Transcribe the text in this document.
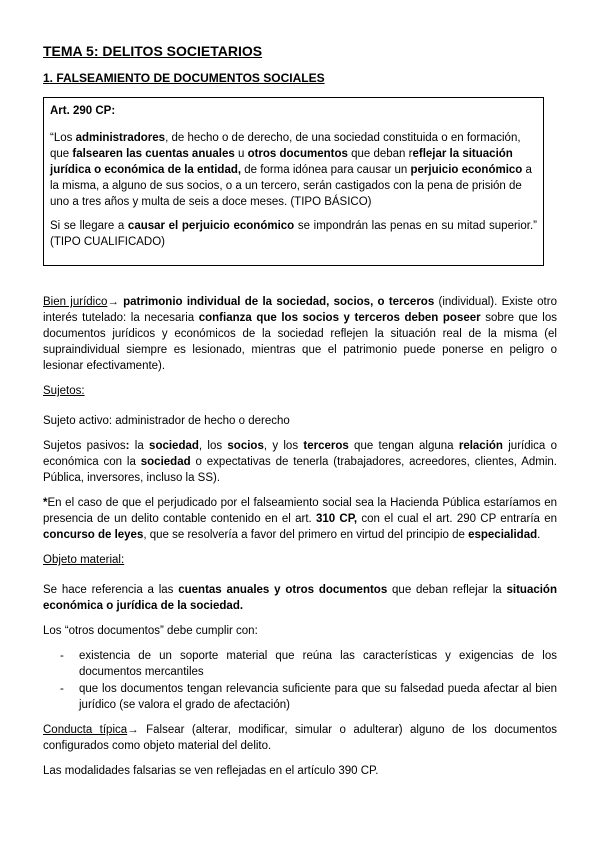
TEMA 5: DELITOS SOCIETARIOS
1. FALSEAMIENTO DE DOCUMENTOS SOCIALES

Art. 290 CP:

“Los administradores, de hecho o de derecho, de una sociedad constituida o en formación, que falsearen las cuentas anuales u otros documentos que deban reflejar la situación jurídica o económica de la entidad, de forma idónea para causar un perjuicio económico a la misma, a alguno de sus socios, o a un tercero, serán castigados con la pena de prisión de uno a tres años y multa de seis a doce meses. (TIPO BÁSICO)

Si se llegare a causar el perjuicio económico se impondrán las penas en su mitad superior.” (TIPO CUALIFICADO)

Bien jurídico→ patrimonio individual de la sociedad, socios, o terceros (individual). Existe otro interés tutelado: la necesaria confianza que los socios y terceros deben poseer sobre que los documentos jurídicos y económicos de la sociedad reflejen la situación real de la misma (el supraindividual siempre es lesionado, mientras que el patrimonio puede ponerse en peligro o lesionar efectivamente).

Sujetos:

Sujeto activo: administrador de hecho o derecho

Sujetos pasivos: la sociedad, los socios, y los terceros que tengan alguna relación jurídica o económica con la sociedad o expectativas de tenerla (trabajadores, acreedores, clientes, Admin. Pública, inversores, incluso la SS).

*En el caso de que el perjudicado por el falseamiento social sea la Hacienda Pública estaríamos en presencia de un delito contable contenido en el art. 310 CP, con el cual el art. 290 CP entraría en concurso de leyes, que se resolvería a favor del primero en virtud del principio de especialidad.

Objeto material:

Se hace referencia a las cuentas anuales y otros documentos que deban reflejar la situación económica o jurídica de la sociedad.

Los “otros documentos” debe cumplir con:

- existencia de un soporte material que reúna las características y exigencias de los documentos mercantiles
- que los documentos tengan relevancia suficiente para que su falsedad pueda afectar al bien jurídico (se valora el grado de afectación)

Conducta típica→ Falsear (alterar, modificar, simular o adulterar) alguno de los documentos configurados como objeto material del delito.

Las modalidades falsarias se ven reflejadas en el artículo 390 CP.
